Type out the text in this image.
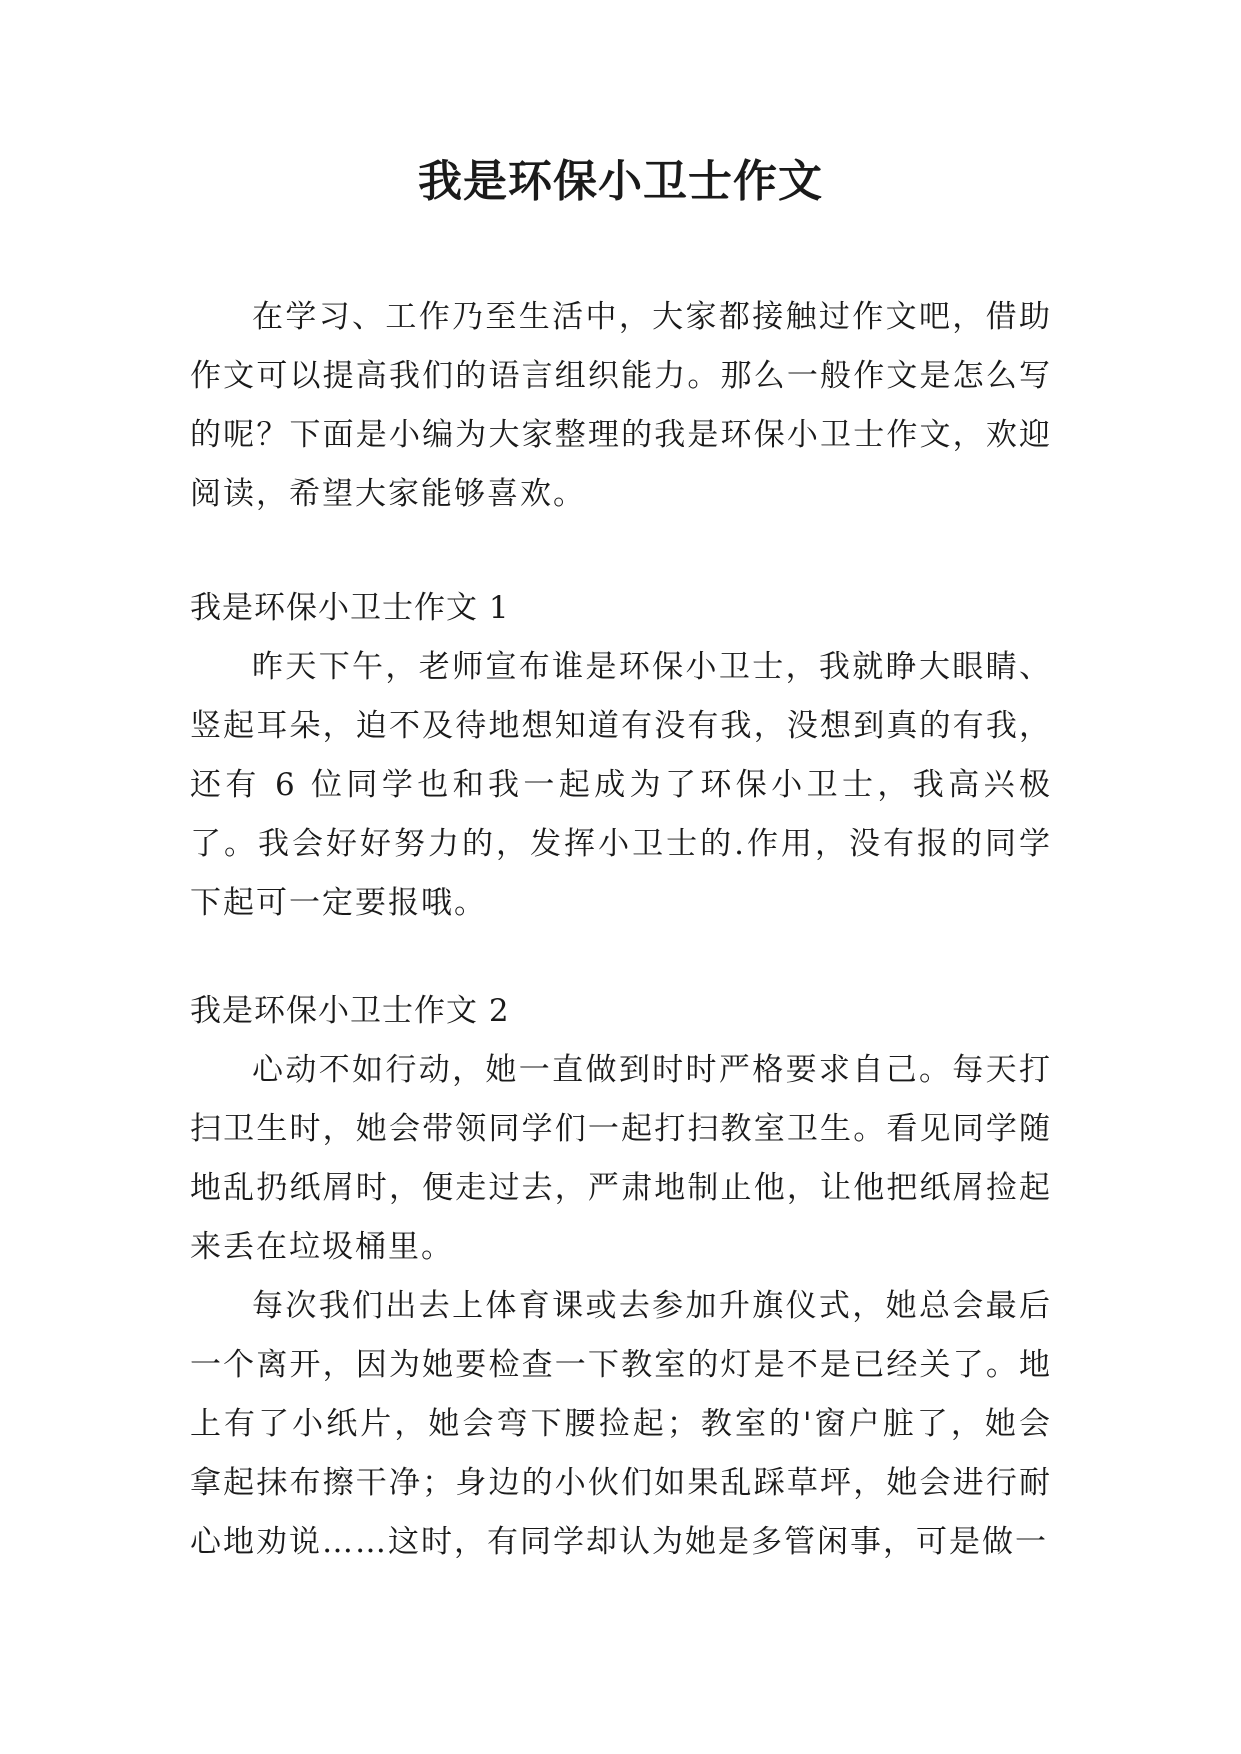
我是环保小卫士作文

在学习、工作乃至生活中，大家都接触过作文吧，借助作文可以提高我们的语言组织能力。那么一般作文是怎么写的呢？下面是小编为大家整理的我是环保小卫士作文，欢迎阅读，希望大家能够喜欢。

我是环保小卫士作文 1

昨天下午，老师宣布谁是环保小卫士，我就睁大眼睛、竖起耳朵，迫不及待地想知道有没有我，没想到真的有我，还有 6 位同学也和我一起成为了环保小卫士，我高兴极了。我会好好努力的，发挥小卫士的.作用，没有报的同学下起可一定要报哦。

我是环保小卫士作文 2

心动不如行动，她一直做到时时严格要求自己。每天打扫卫生时，她会带领同学们一起打扫教室卫生。看见同学随地乱扔纸屑时，便走过去，严肃地制止他，让他把纸屑捡起来丢在垃圾桶里。

每次我们出去上体育课或去参加升旗仪式，她总会最后一个离开，因为她要检查一下教室的灯是不是已经关了。地上有了小纸片，她会弯下腰捡起；教室的'窗户脏了，她会拿起抹布擦干净；身边的小伙们如果乱踩草坪，她会进行耐心地劝说……这时，有同学却认为她是多管闲事，可是做一
